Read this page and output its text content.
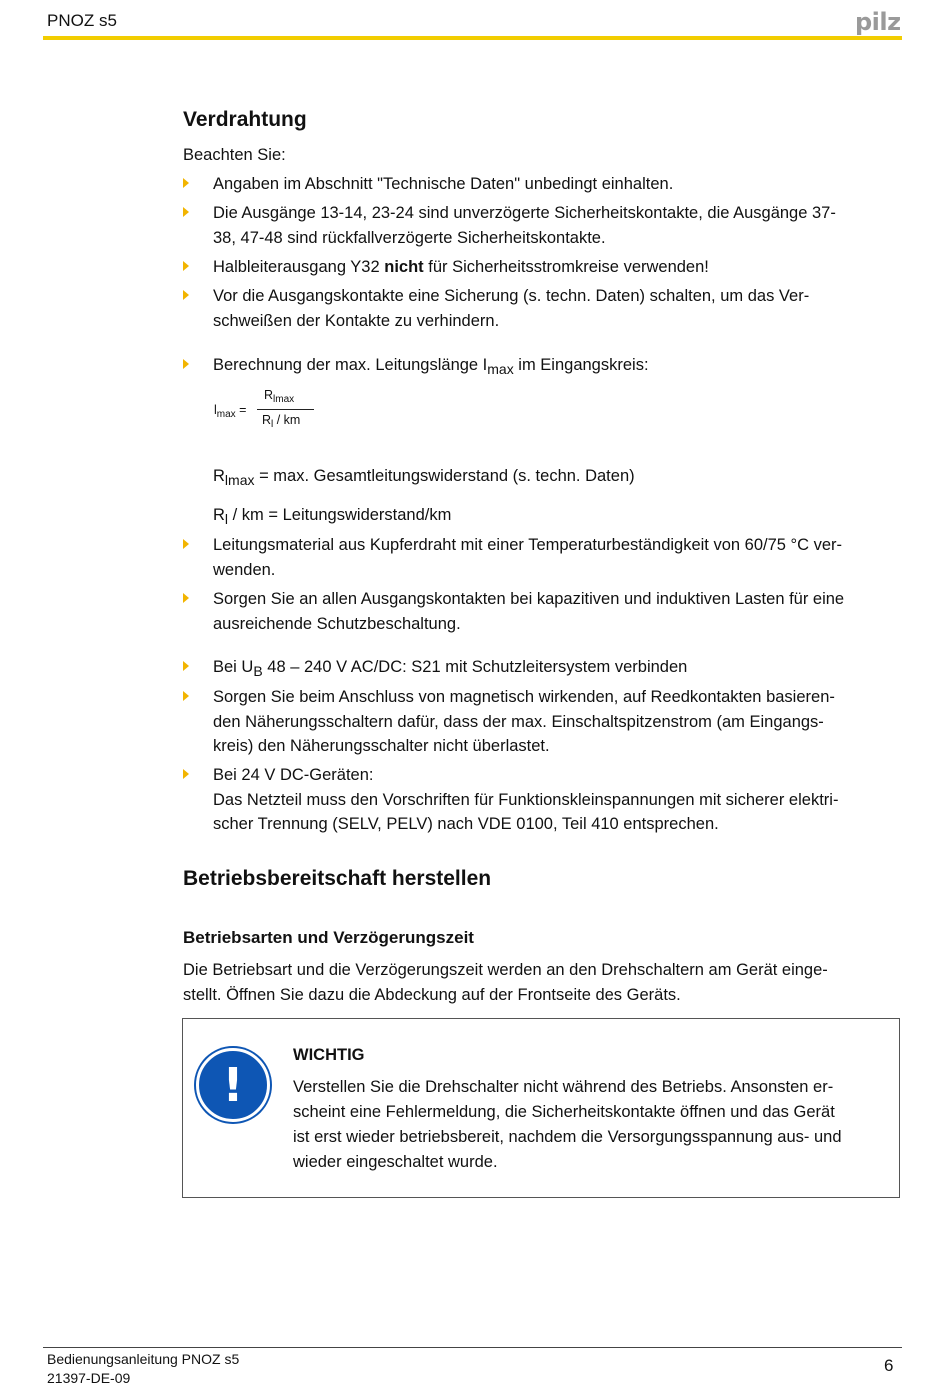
PNOZ s5	pilz
Verdrahtung
Beachten Sie:
Angaben im Abschnitt "Technische Daten" unbedingt einhalten.
Die Ausgänge 13-14, 23-24 sind unverzögerte Sicherheitskontakte, die Ausgänge 37-
38, 47-48 sind rückfallverzögerte Sicherheitskontakte.
Halbleiterausgang Y32 nicht für Sicherheitsstromkreise verwenden!
Vor die Ausgangskontakte eine Sicherung (s. techn. Daten) schalten, um das Ver-
schweißen der Kontakte zu verhindern.
Berechnung der max. Leitungslänge $I_{max}$ im Eingangskreis:
$l_{max}$ =
$R_{lmax}$
$R_l$ / km
$R_{lmax} = \max$. Gesamtleitungswiderstand (s. techn. Daten)
$R_l$ / km = Leitungswiderstand/km
Leitungsmaterial aus Kupferdraht mit einer Temperaturbeständigkeit von 60/75 °C ver-
wenden.
Sorgen Sie an allen Ausgangskontakten bei kapazitiven und induktiven Lasten für eine
ausreichende Schutzbeschaltung.
Bei $U_B$ 48 – 240 V AC/DC: S21 mit Schutzleitersystem verbinden
Sorgen Sie beim Anschluss von magnetisch wirkenden, auf Reedkontakten basieren-
den Näherungsschaltern dafür, dass der max. Einschaltspitzenstrom (am Eingangs-
kreis) den Näherungsschalter nicht überlastet.
Bei 24 V DC-Geräten:
Das Netzteil muss den Vorschriften für Funktionskleinspannungen mit sicherer elektri-
scher Trennung (SELV, PELV) nach VDE 0100, Teil 410 entsprechen.
Betriebsbereitschaft herstellen
Betriebsarten und Verzögerungszeit
Die Betriebsart und die Verzögerungszeit werden an den Drehschaltern am Gerät einge-
stellt. Öffnen Sie dazu die Abdeckung auf der Frontseite des Geräts.
!
WICHTIG
Verstellen Sie die Drehschalter nicht während des Betriebs. Ansonsten er-
scheint eine Fehlermeldung, die Sicherheitskontakte öffnen und das Gerät
ist erst wieder betriebsbereit, nachdem die Versorgungsspannung aus- und
wieder eingeschaltet wurde.
Bedienungsanleitung PNOZ s5
21397-DE-09
6
